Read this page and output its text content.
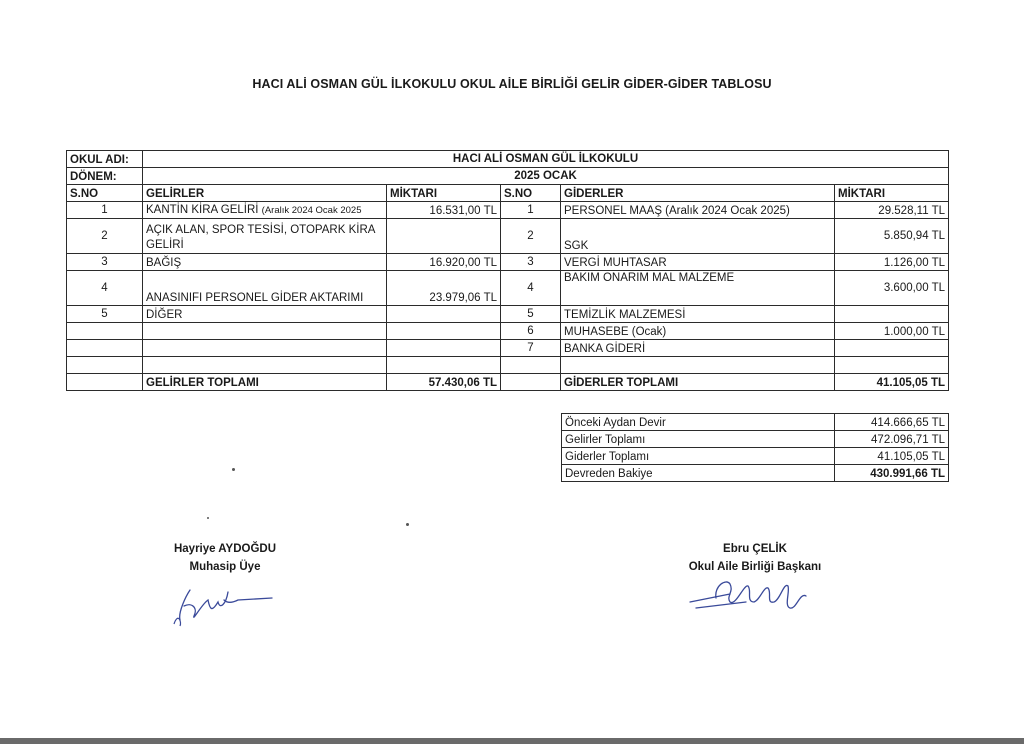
HACI ALİ OSMAN GÜL İLKOKULU OKUL AİLE BİRLİĞİ GELİR GİDER-GİDER TABLOSU
OKUL ADI:	HACI ALİ OSMAN GÜL İLKOKULU				
DÖNEM:	2025 OCAK				
S.NO	GELİRLER	MİKTARI	S.NO	GİDERLER	MİKTARI
1	KANTİN KİRA GELİRİ (Aralık 2024 Ocak 2025	16.531,00 TL	1	PERSONEL MAAŞ (Aralık 2024 Ocak 2025)	29.528,11 TL
2	AÇIK ALAN, SPOR TESİSİ, OTOPARK KİRA GELİRİ		2	SGK	5.850,94 TL
3	BAĞIŞ	16.920,00 TL	3	VERGİ MUHTASAR	1.126,00 TL
4	ANASINIFI PERSONEL GİDER AKTARIMI	23.979,06 TL	4	BAKIM ONARIM MAL MALZEME	3.600,00 TL
5	DİĞER		5	TEMİZLİK MALZEMESİ	
			6	MUHASEBE (Ocak)	1.000,00 TL
			7	BANKA GİDERİ	

	GELİRLER TOPLAMI	57.430,06 TL		GİDERLER TOPLAMI	41.105,05 TL
Önceki Aydan Devir	414.666,65 TL
Gelirler Toplamı	472.096,71 TL
Giderler Toplamı	41.105,05 TL
Devreden Bakiye	430.991,66 TL
Hayriye AYDOĞDU
Muhasip Üye
Ebru ÇELİK
Okul Aile Birliği Başkanı
